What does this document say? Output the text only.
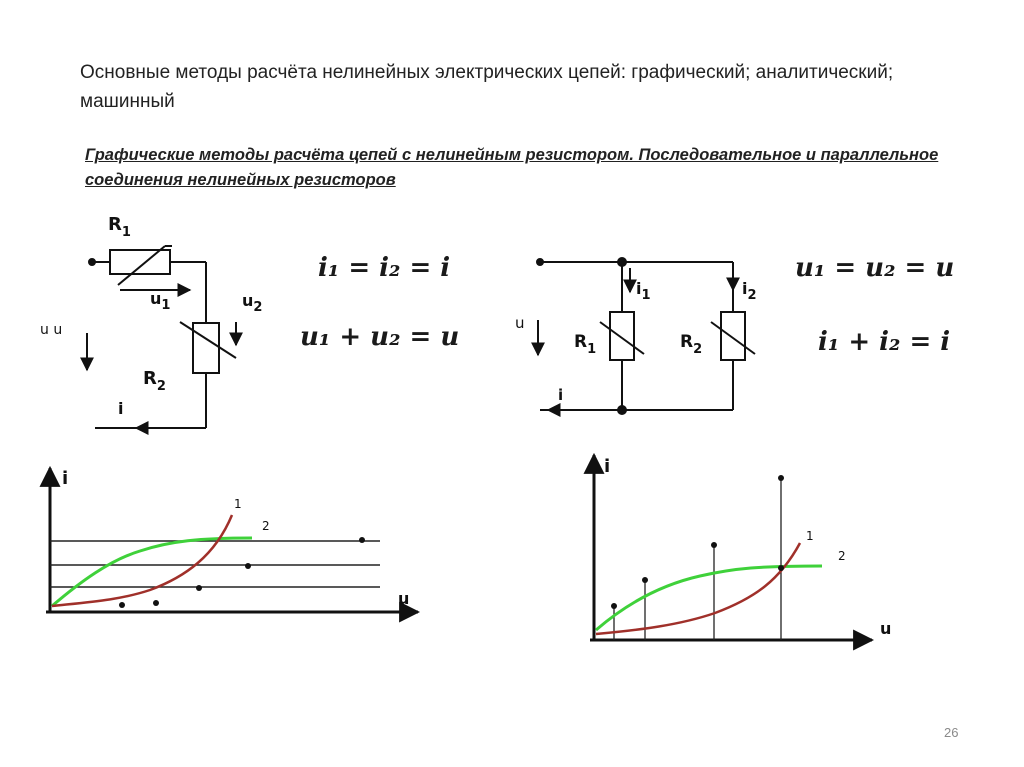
Основные методы расчёта нелинейных электрических цепей: графический; аналитический; машинный
Графические методы расчёта цепей с нелинейным резистором. Последовательное и параллельное соединения нелинейных резисторов
$R_1$
$u_1$	$u_2$
$R_2$
u u
i
i₁ = i₂ = i
u₁ + u₂ = u
$i_1$	$i_2$
$R_1$	$R_2$
u
i
u₁ = u₂ = u
i₁ + i₂ = i
i
u
1
2
i
u
1
2
26
